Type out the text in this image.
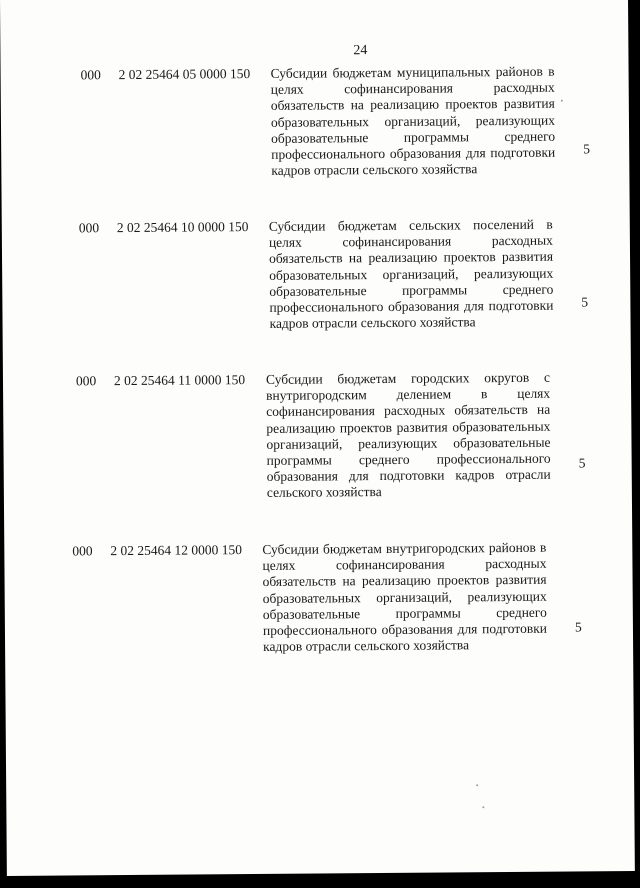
24
000 2 02 25464 05 0000 150 Субсидии бюджетам муниципальных районов в целях софинансирования расходных обязательств на реализацию проектов развития образовательных организаций, реализующих образовательные программы среднего профессионального образования для подготовки кадров отрасли сельского хозяйства
5
000 2 02 25464 10 0000 150 Субсидии бюджетам сельских поселений в целях софинансирования расходных обязательств на реализацию проектов развития образовательных организаций, реализующих образовательные программы среднего профессионального образования для подготовки кадров отрасли сельского хозяйства
5
000 2 02 25464 11 0000 150 Субсидии бюджетам городских округов с внутригородским делением в целях софинансирования расходных обязательств на реализацию проектов развития образовательных организаций, реализующих образовательные программы среднего профессионального образования для подготовки кадров отрасли сельского хозяйства
5
000 2 02 25464 12 0000 150 Субсидии бюджетам внутригородских районов в целях софинансирования расходных обязательств на реализацию проектов развития образовательных организаций, реализующих образовательные программы среднего профессионального образования для подготовки кадров отрасли сельского хозяйства
5
